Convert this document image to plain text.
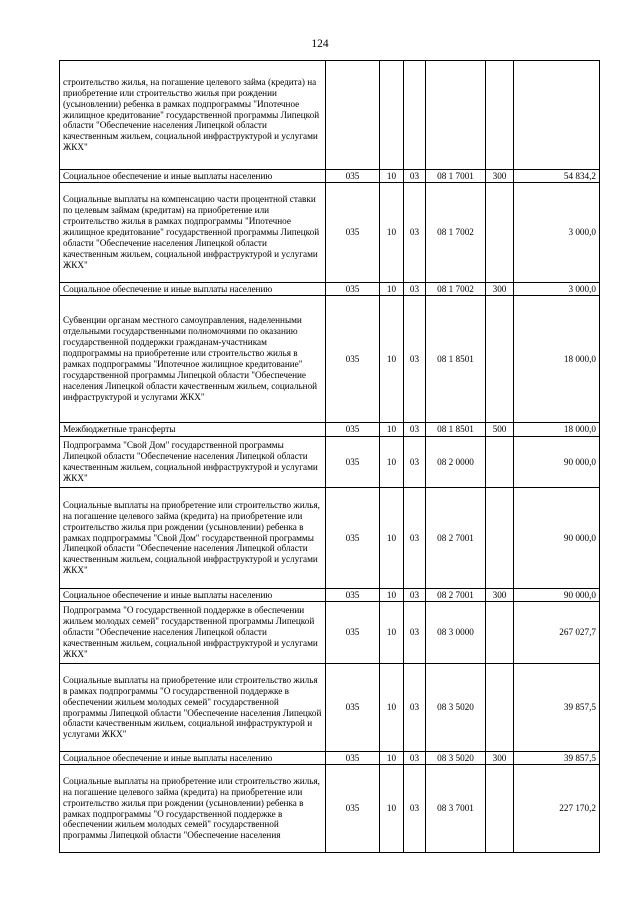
124
строительство жилья, на погашение целевого займа (кредита) на приобретение или строительство жилья при рождении (усыновлении) ребенка в рамках подпрограммы "Ипотечное жилищное кредитование" государственной программы Липецкой области "Обеспечение населения Липецкой области качественным жильем, социальной инфраструктурой и услугами ЖКХ"						
Социальное обеспечение и иные выплаты населению	035	10	03	08 1 7001	300	54 834,2
Социальные выплаты на компенсацию части процентной ставки по целевым займам (кредитам) на приобретение или строительство жилья в рамках подпрограммы "Ипотечное жилищное кредитование" государственной программы Липецкой области "Обеспечение населения Липецкой области качественным жильем, социальной инфраструктурой и услугами ЖКХ"	035	10	03	08 1 7002		3 000,0
Социальное обеспечение и иные выплаты населению	035	10	03	08 1 7002	300	3 000,0
Субвенции органам местного самоуправления, наделенными отдельными государственными полномочиями по оказанию государственной поддержки гражданам-участникам подпрограммы на приобретение или строительство жилья в рамках подпрограммы "Ипотечное жилищное кредитование" государственной программы Липецкой области "Обеспечение населения Липецкой области качественным жильем, социальной инфраструктурой и услугами ЖКХ"	035	10	03	08 1 8501		18 000,0
Межбюджетные трансферты	035	10	03	08 1 8501	500	18 000,0
Подпрограмма "Свой Дом" государственной программы Липецкой области "Обеспечение населения Липецкой области качественным жильем, социальной инфраструктурой и услугами ЖКХ"	035	10	03	08 2 0000		90 000,0
Социальные выплаты на приобретение или строительство жилья, на погашение целевого займа (кредита) на приобретение или строительство жилья при рождении (усыновлении) ребенка в рамках подпрограммы "Свой Дом" государственной программы Липецкой области "Обеспечение населения Липецкой области качественным жильем, социальной инфраструктурой и услугами ЖКХ"	035	10	03	08 2 7001		90 000,0
Социальное обеспечение и иные выплаты населению	035	10	03	08 2 7001	300	90 000,0
Подпрограмма "О государственной поддержке в обеспечении жильем молодых семей" государственной программы Липецкой области "Обеспечение населения Липецкой области качественным жильем, социальной инфраструктурой и услугами ЖКХ"	035	10	03	08 3 0000		267 027,7
Социальные выплаты на приобретение или строительство жилья в рамках подпрограммы "О государственной поддержке в обеспечении жильем молодых семей" государственной программы Липецкой области "Обеспечение населения Липецкой области качественным жильем, социальной инфраструктурой и услугами ЖКХ"	035	10	03	08 3 5020		39 857,5
Социальное обеспечение и иные выплаты населению	035	10	03	08 3 5020	300	39 857,5
Социальные выплаты на приобретение или строительство жилья, на погашение целевого займа (кредита) на приобретение или строительство жилья при рождении (усыновлении) ребенка в рамках подпрограммы "О государственной поддержке в обеспечении жильем молодых семей" государственной программы Липецкой области "Обеспечение населения	035	10	03	08 3 7001		227 170,2
